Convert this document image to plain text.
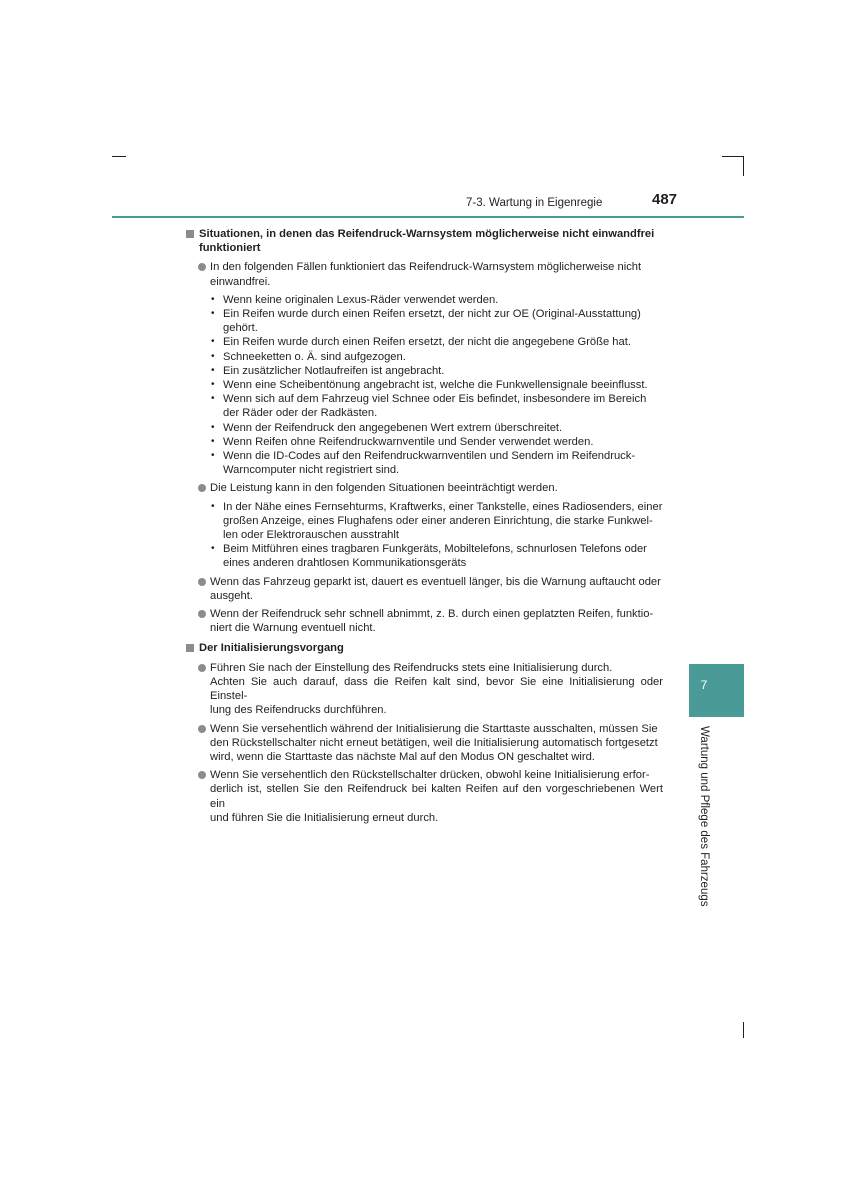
7-3. Wartung in Eigenregie	487
Situationen, in denen das Reifendruck-Warnsystem möglicherweise nicht einwandfrei
funktioniert
In den folgenden Fällen funktioniert das Reifendruck-Warnsystem möglicherweise nicht
einwandfrei.
• Wenn keine originalen Lexus-Räder verwendet werden.
• Ein Reifen wurde durch einen Reifen ersetzt, der nicht zur OE (Original-Ausstattung)
gehört.
• Ein Reifen wurde durch einen Reifen ersetzt, der nicht die angegebene Größe hat.
• Schneeketten o. Ä. sind aufgezogen.
• Ein zusätzlicher Notlaufreifen ist angebracht.
• Wenn eine Scheibentönung angebracht ist, welche die Funkwellensignale beeinflusst.
• Wenn sich auf dem Fahrzeug viel Schnee oder Eis befindet, insbesondere im Bereich
der Räder oder der Radkästen.
• Wenn der Reifendruck den angegebenen Wert extrem überschreitet.
• Wenn Reifen ohne Reifendruckwarnventile und Sender verwendet werden.
• Wenn die ID-Codes auf den Reifendruckwarnventilen und Sendern im Reifendruck-
Warncomputer nicht registriert sind.
Die Leistung kann in den folgenden Situationen beeinträchtigt werden.
• In der Nähe eines Fernsehturms, Kraftwerks, einer Tankstelle, eines Radiosenders, einer
großen Anzeige, eines Flughafens oder einer anderen Einrichtung, die starke Funkwel-
len oder Elektrorauschen ausstrahlt
• Beim Mitführen eines tragbaren Funkgeräts, Mobiltelefons, schnurlosen Telefons oder
eines anderen drahtlosen Kommunikationsgeräts
Wenn das Fahrzeug geparkt ist, dauert es eventuell länger, bis die Warnung auftaucht oder
ausgeht.
Wenn der Reifendruck sehr schnell abnimmt, z. B. durch einen geplatzten Reifen, funktio-
niert die Warnung eventuell nicht.
Der Initialisierungsvorgang
Führen Sie nach der Einstellung des Reifendrucks stets eine Initialisierung durch.
Achten Sie auch darauf, dass die Reifen kalt sind, bevor Sie eine Initialisierung oder Einstel-
lung des Reifendrucks durchführen.
Wenn Sie versehentlich während der Initialisierung die Starttaste ausschalten, müssen Sie
den Rückstellschalter nicht erneut betätigen, weil die Initialisierung automatisch fortgesetzt
wird, wenn die Starttaste das nächste Mal auf den Modus ON geschaltet wird.
Wenn Sie versehentlich den Rückstellschalter drücken, obwohl keine Initialisierung erfor-
derlich ist, stellen Sie den Reifendruck bei kalten Reifen auf den vorgeschriebenen Wert ein
und führen Sie die Initialisierung erneut durch.
7
Wartung und Pflege des Fahrzeugs
